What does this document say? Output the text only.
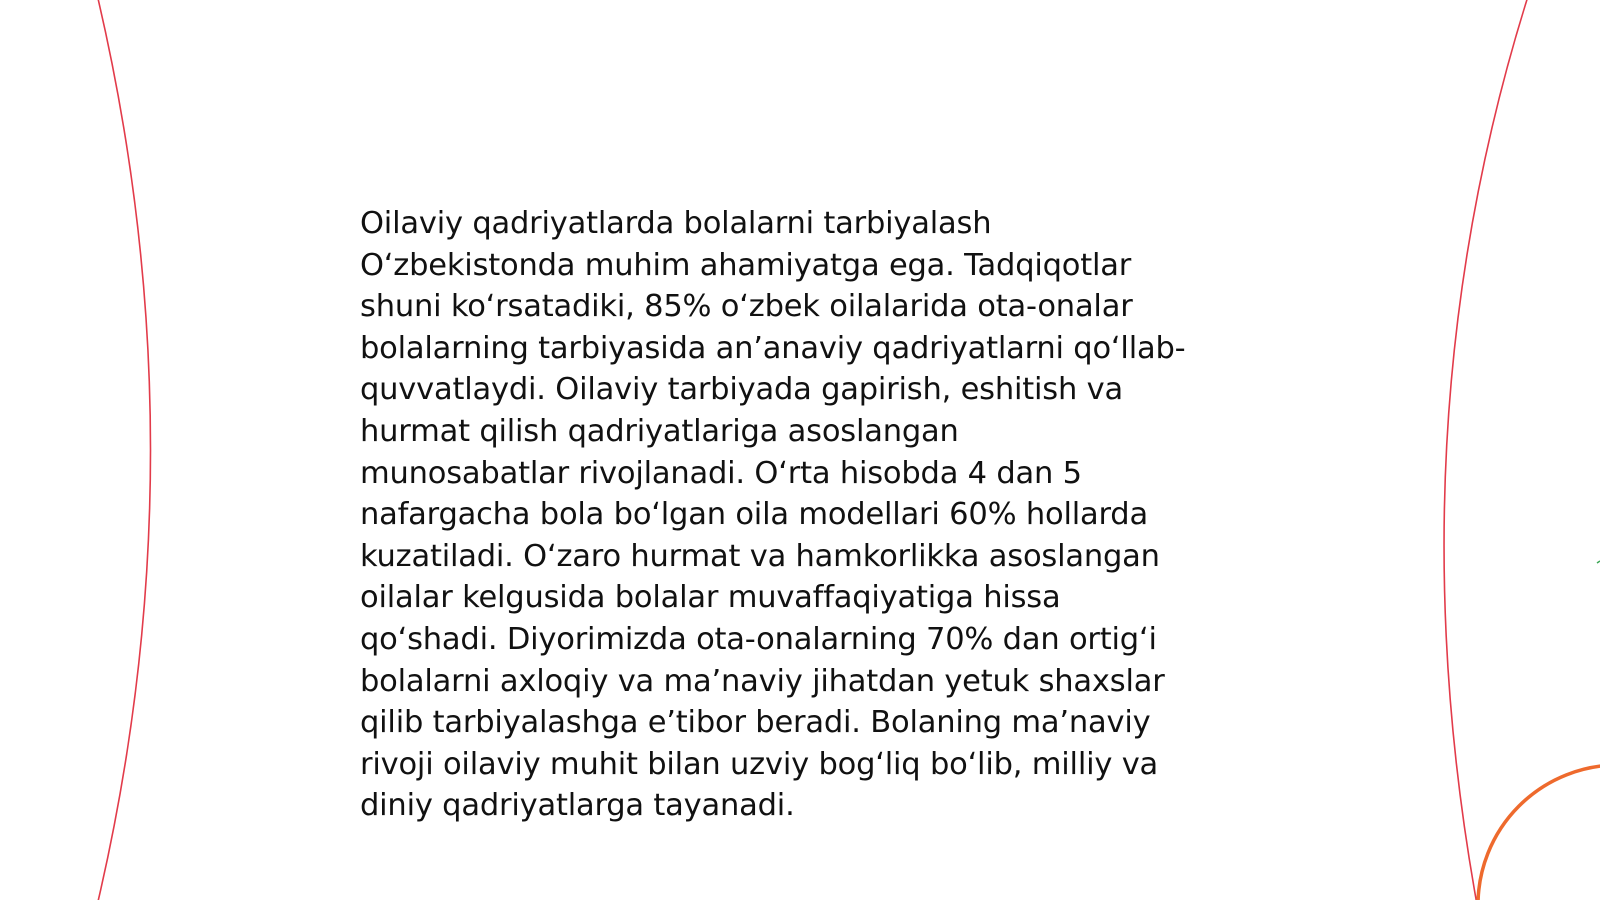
Oilaviy qadriyatlarda bolalarni tarbiyalash
O‘zbekistonda muhim ahamiyatga ega. Tadqiqotlar
shuni ko‘rsatadiki, 85% o‘zbek oilalarida ota-onalar
bolalarning tarbiyasida an’anaviy qadriyatlarni qo‘llab-
quvvatlaydi. Oilaviy tarbiyada gapirish, eshitish va
hurmat qilish qadriyatlariga asoslangan
munosabatlar rivojlanadi. O‘rta hisobda 4 dan 5
nafargacha bola bo‘lgan oila modellari 60% hollarda
kuzatiladi. O‘zaro hurmat va hamkorlikka asoslangan
oilalar kelgusida bolalar muvaffaqiyatiga hissa
qo‘shadi. Diyorimizda ota-onalarning 70% dan ortig‘i
bolalarni axloqiy va ma’naviy jihatdan yetuk shaxslar
qilib tarbiyalashga e’tibor beradi. Bolaning ma’naviy
rivoji oilaviy muhit bilan uzviy bog‘liq bo‘lib, milliy va
diniy qadriyatlarga tayanadi.
